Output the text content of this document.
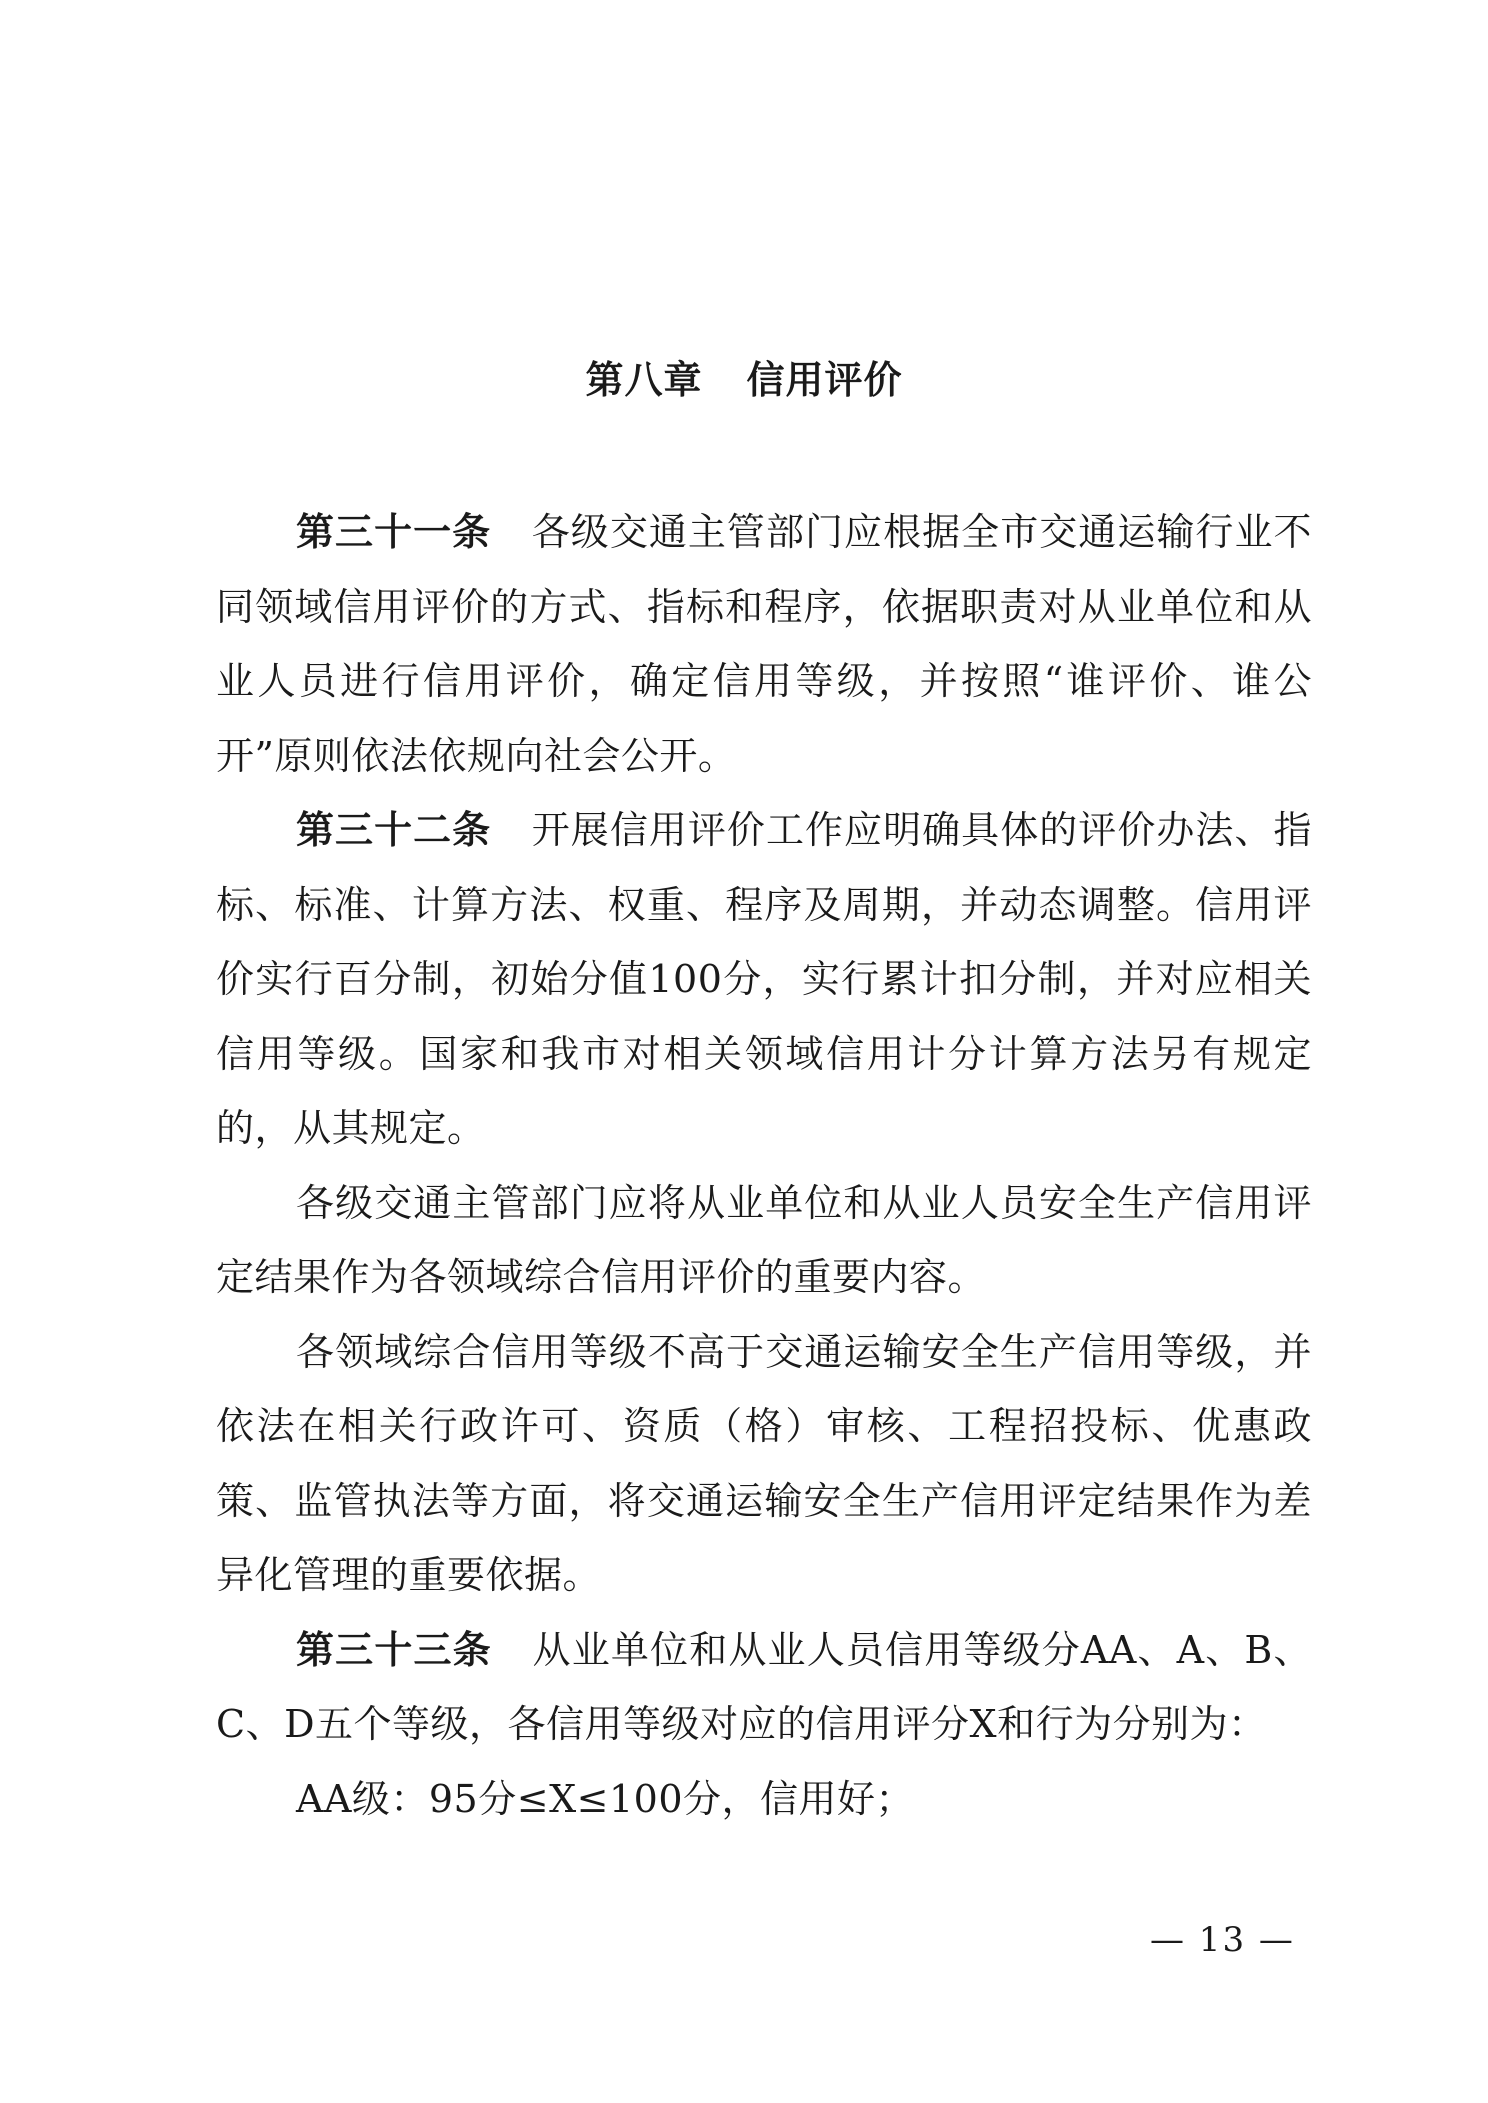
第八章 信用评价

第三十一条 各级交通主管部门应根据全市交通运输行业不同领域信用评价的方式、指标和程序，依据职责对从业单位和从业人员进行信用评价，确定信用等级，并按照“谁评价、谁公开”原则依法依规向社会公开。

第三十二条 开展信用评价工作应明确具体的评价办法、指标、标准、计算方法、权重、程序及周期，并动态调整。信用评价实行百分制，初始分值100分，实行累计扣分制，并对应相关信用等级。国家和我市对相关领域信用计分计算方法另有规定的，从其规定。

各级交通主管部门应将从业单位和从业人员安全生产信用评定结果作为各领域综合信用评价的重要内容。

各领域综合信用等级不高于交通运输安全生产信用等级，并依法在相关行政许可、资质（格）审核、工程招投标、优惠政策、监管执法等方面，将交通运输安全生产信用评定结果作为差异化管理的重要依据。

第三十三条 从业单位和从业人员信用等级分AA、A、B、C、D五个等级，各信用等级对应的信用评分X和行为分别为：

AA级：95分≤X≤100分，信用好；

— 13 —
